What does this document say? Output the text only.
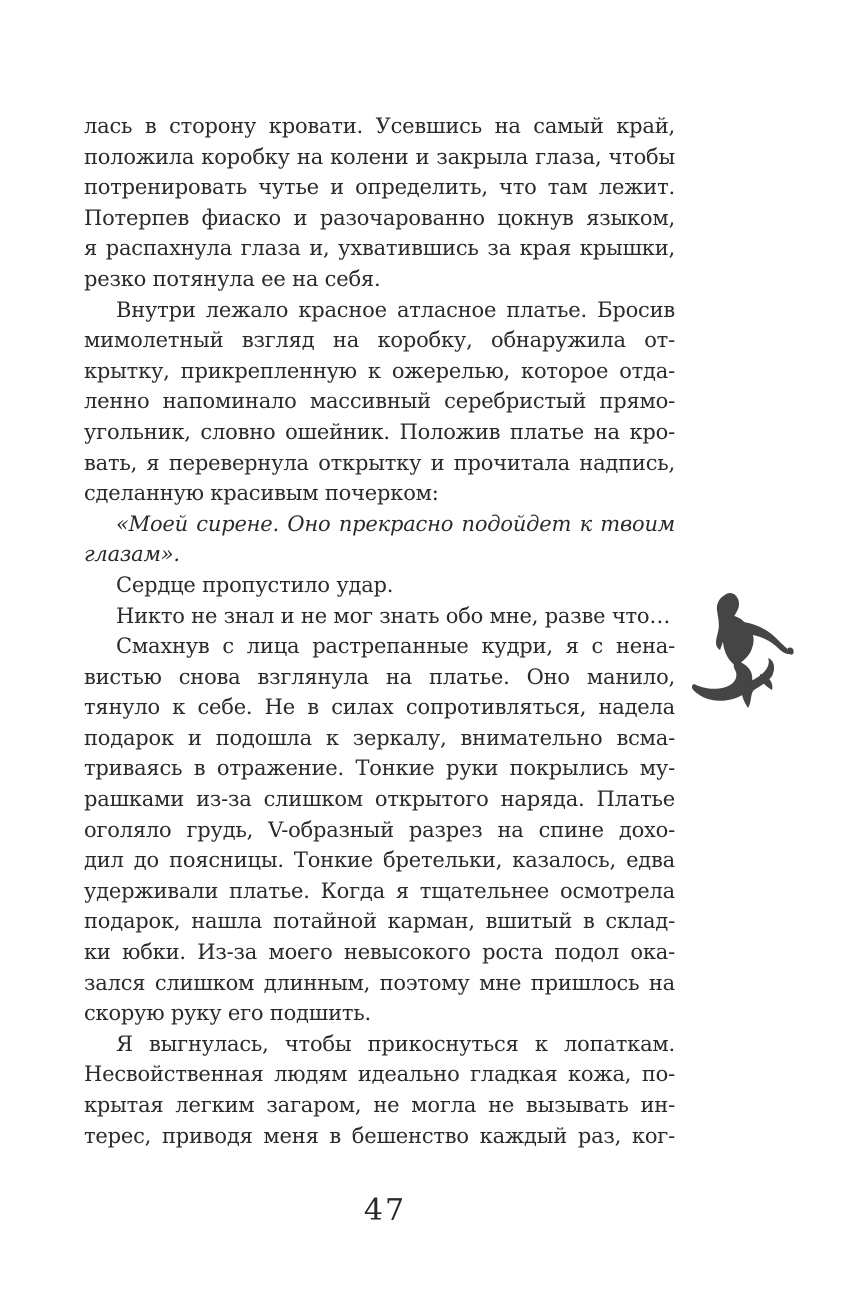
лась в сторону кровати. Усевшись на самый край,
положила коробку на колени и закрыла глаза, чтобы
потренировать чутье и определить, что там лежит.
Потерпев фиаско и разочарованно цокнув языком,
я распахнула глаза и, ухватившись за края крышки,
резко потянула ее на себя.
Внутри лежало красное атласное платье. Бросив
мимолетный взгляд на коробку, обнаружила от-
крытку, прикрепленную к ожерелью, которое отда-
ленно напоминало массивный серебристый прямо-
угольник, словно ошейник. Положив платье на кро-
вать, я перевернула открытку и прочитала надпись,
сделанную красивым почерком:
«Моей сирене. Оно прекрасно подойдет к твоим
глазам».
Сердце пропустило удар.
Никто не знал и не мог знать обо мне, разве что…
Смахнув с лица растрепанные кудри, я с нена-
вистью снова взглянула на платье. Оно манило,
тянуло к себе. Не в силах сопротивляться, надела
подарок и подошла к зеркалу, внимательно всма-
триваясь в отражение. Тонкие руки покрылись му-
рашками из-за слишком открытого наряда. Платье
оголяло грудь, V-образный разрез на спине дохо-
дил до поясницы. Тонкие бретельки, казалось, едва
удерживали платье. Когда я тщательнее осмотрела
подарок, нашла потайной карман, вшитый в склад-
ки юбки. Из-за моего невысокого роста подол ока-
зался слишком длинным, поэтому мне пришлось на
скорую руку его подшить.
Я выгнулась, чтобы прикоснуться к лопаткам.
Несвойственная людям идеально гладкая кожа, по-
крытая легким загаром, не могла не вызывать ин-
терес, приводя меня в бешенство каждый раз, ког-
47
